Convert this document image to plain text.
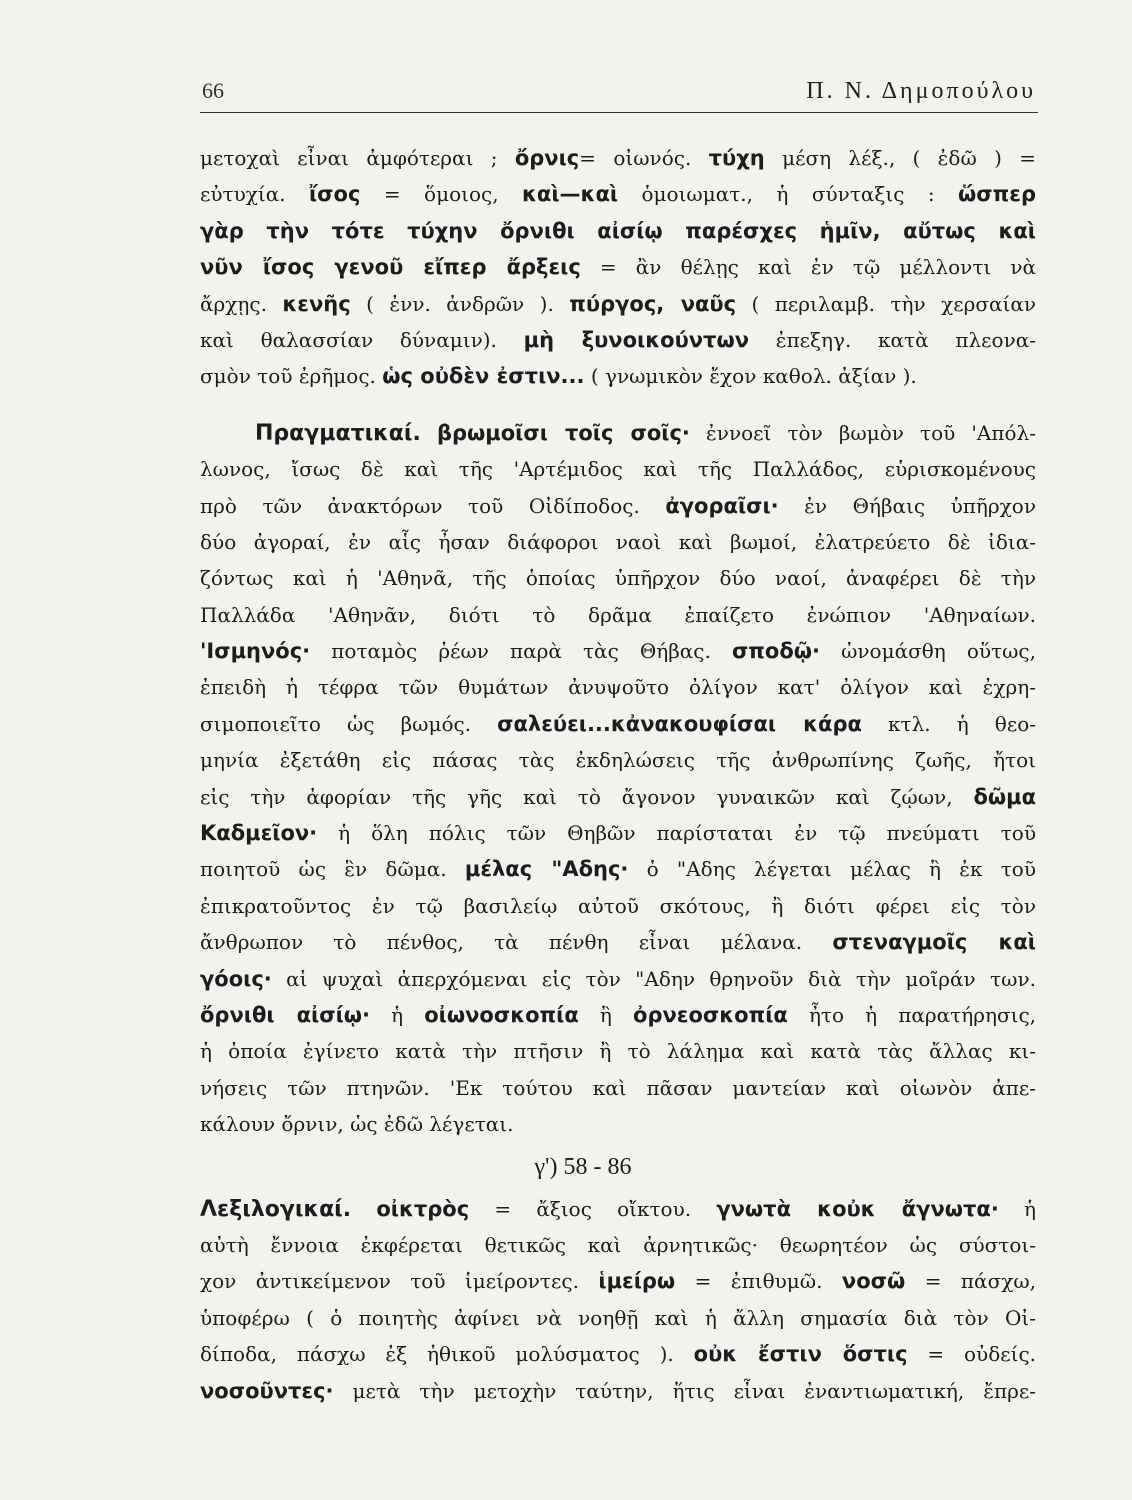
66	Π. Ν. Δημοπούλου
μετοχαὶ εἶναι ἀμφότεραι ; ὄρνις= οἰωνός. τύχη μέση λέξ., ( ἐδῶ ) =
εὐτυχία. ἴσος = ὅμοιος, καὶ—καὶ ὁμοιωματ., ἡ σύνταξις : ὥσπερ
γὰρ τὴν τότε τύχην ὄρνιθι αἰσίῳ παρέσχες ἡμῖν, αὔτως καὶ
νῦν ἴσος γενοῦ εἴπερ ἄρξεις = ἂν θέλῃς καὶ ἐν τῷ μέλλοντι νὰ
ἄρχῃς. κενῆς ( ἐνν. ἀνδρῶν ). πύργος, ναῦς ( περιλαμβ. τὴν χερσαίαν
καὶ θαλασσίαν δύναμιν). μὴ ξυνοικούντων ἐπεξηγ. κατὰ πλεονα-
σμὸν τοῦ ἐρῆμος. ὡς οὐδὲν ἐστιν... ( γνωμικὸν ἔχον καθολ. ἀξίαν ).
Πραγματικαί. βρωμοῖσι τοῖς σοῖς· ἐννοεῖ τὸν βωμὸν τοῦ 'Απόλ-
λωνος, ἴσως δὲ καὶ τῆς 'Αρτέμιδος καὶ τῆς Παλλάδος, εὑρισκομένους
πρὸ τῶν ἀνακτόρων τοῦ Οἰδίποδος. ἀγοραῖσι· ἐν Θήβαις ὑπῆρχον
δύο ἀγοραί, ἐν αἷς ἦσαν διάφοροι ναοὶ καὶ βωμοί, ἐλατρεύετο δὲ ἰδια-
ζόντως καὶ ἡ 'Αθηνᾶ, τῆς ὁποίας ὑπῆρχον δύο ναοί, ἀναφέρει δὲ τὴν
Παλλάδα 'Αθηνᾶν, διότι τὸ δρᾶμα ἐπαίζετο ἐνώπιον 'Αθηναίων.
'Ισμηνός· ποταμὸς ῥέων παρὰ τὰς Θήβας. σποδῷ· ὠνομάσθη οὕτως,
ἐπειδὴ ἡ τέφρα τῶν θυμάτων ἀνυψοῦτο ὀλίγον κατ' ὀλίγον καὶ ἐχρη-
σιμοποιεῖτο ὡς βωμός. σαλεύει...κἀνακουφίσαι κάρα κτλ. ἡ θεο-
μηνία ἐξετάθη εἰς πάσας τὰς ἐκδηλώσεις τῆς ἀνθρωπίνης ζωῆς, ἤτοι
εἰς τὴν ἀφορίαν τῆς γῆς καὶ τὸ ἄγονον γυναικῶν καὶ ζῴων, δῶμα
Καδμεῖον· ἡ ὅλη πόλις τῶν Θηβῶν παρίσταται ἐν τῷ πνεύματι τοῦ
ποιητοῦ ὡς ἓν δῶμα. μέλας "Αδης· ὁ "Αδης λέγεται μέλας ἢ ἐκ τοῦ
ἐπικρατοῦντος ἐν τῷ βασιλείῳ αὐτοῦ σκότους, ἢ διότι φέρει εἰς τὸν
ἄνθρωπον τὸ πένθος, τὰ πένθη εἶναι μέλανα. στεναγμοῖς καὶ
γόοις· αἱ ψυχαὶ ἀπερχόμεναι εἰς τὸν "Αδην θρηνοῦν διὰ τὴν μοῖράν των.
ὄρνιθι αἰσίῳ· ἡ οἰωνοσκοπία ἢ ὀρνεοσκοπία ἦτο ἡ παρατήρησις,
ἡ ὁποία ἐγίνετο κατὰ τὴν πτῆσιν ἢ τὸ λάλημα καὶ κατὰ τὰς ἄλλας κι-
νήσεις τῶν πτηνῶν. 'Εκ τούτου καὶ πᾶσαν μαντείαν καὶ οἰωνὸν ἀπε-
κάλουν ὄρνιν, ὡς ἐδῶ λέγεται.
γ') 58 - 86
Λεξιλογικαί. οἰκτρὸς = ἄξιος οἴκτου. γνωτὰ κοὐκ ἄγνωτα· ἡ
αὐτὴ ἔννοια ἐκφέρεται θετικῶς καὶ ἀρνητικῶς· θεωρητέον ὡς σύστοι-
χον ἀντικείμενον τοῦ ἱμείροντες. ἱμείρω = ἐπιθυμῶ. νοσῶ = πάσχω,
ὑποφέρω ( ὁ ποιητὴς ἀφίνει νὰ νοηθῇ καὶ ἡ ἄλλη σημασία διὰ τὸν Οἰ-
δίποδα, πάσχω ἐξ ἠθικοῦ μολύσματος ). οὐκ ἔστιν ὅστις = οὐδείς.
νοσοῦντες· μετὰ τὴν μετοχὴν ταύτην, ἥτις εἶναι ἐναντιωματική, ἔπρε-
